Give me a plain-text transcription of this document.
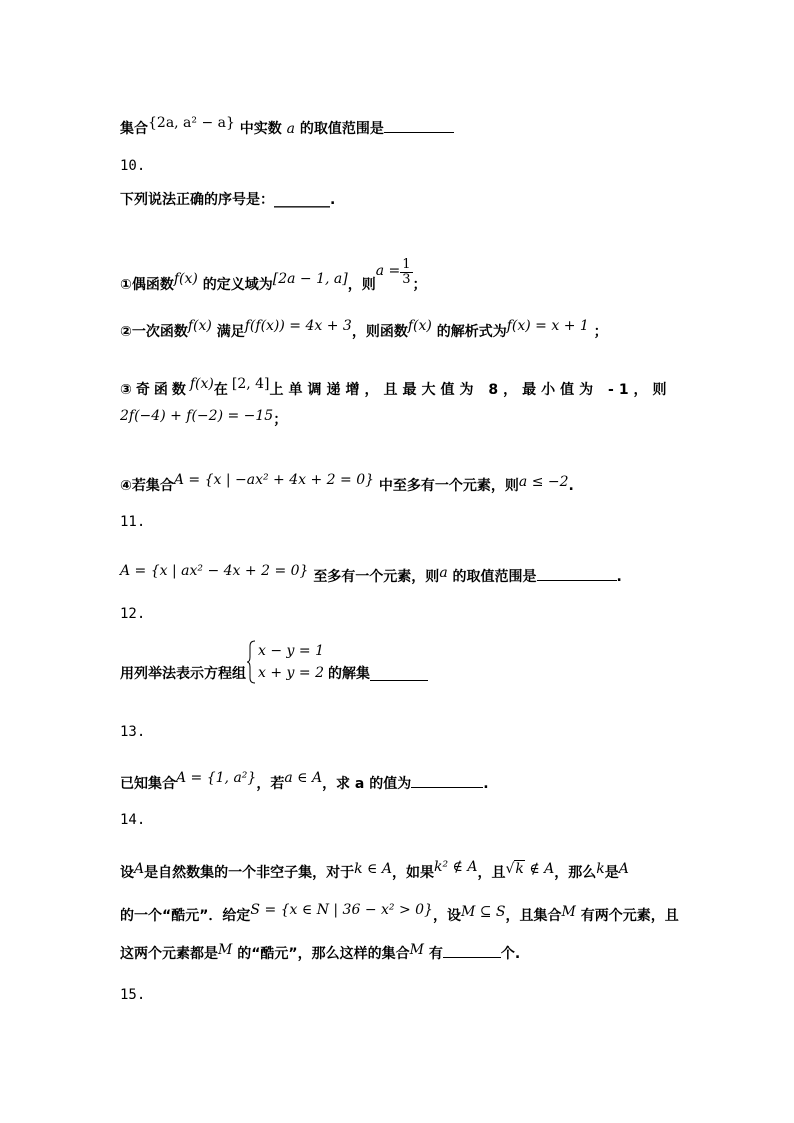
集合{2a, a² − a} 中实数 a 的取值范围是
10.
下列说法正确的序号是：________.
①偶函数f(x) 的定义域为[2a − 1, a]，则$a = \frac{1}{3}$ ；
②一次函数f(x) 满足f(f(x)) = 4x + 3，则函数f(x) 的解析式为f(x) = x + 1 ；
③奇函数f(x)在[2, 4]上单调递增，且最大值为 8，最小值为 -1，则
2f(−4) + f(−2) = −15；
④若集合A = {x | −ax² + 4x + 2 = 0} 中至多有一个元素，则a ≤ −2.
11.
A = {x | ax² − 4x + 2 = 0} 至多有一个元素，则a 的取值范围是	.
12.
用列举法表示方程组
x − y = 1
x + y = 2 的解集
13.
已知集合A = {1, a²}，若a ∈ A，求 a 的值为	.
14.
设A是自然数集的一个非空子集，对于k ∈ A，如果k² ∉ A，且√k ∉ A，那么k是A
的一个“酷元”．给定S = {x ∈ N | 36 − x² > 0}，设M ⊆ S，且集合M 有两个元素，且
这两个元素都是M 的“酷元”，那么这样的集合M 有	个.
15.
